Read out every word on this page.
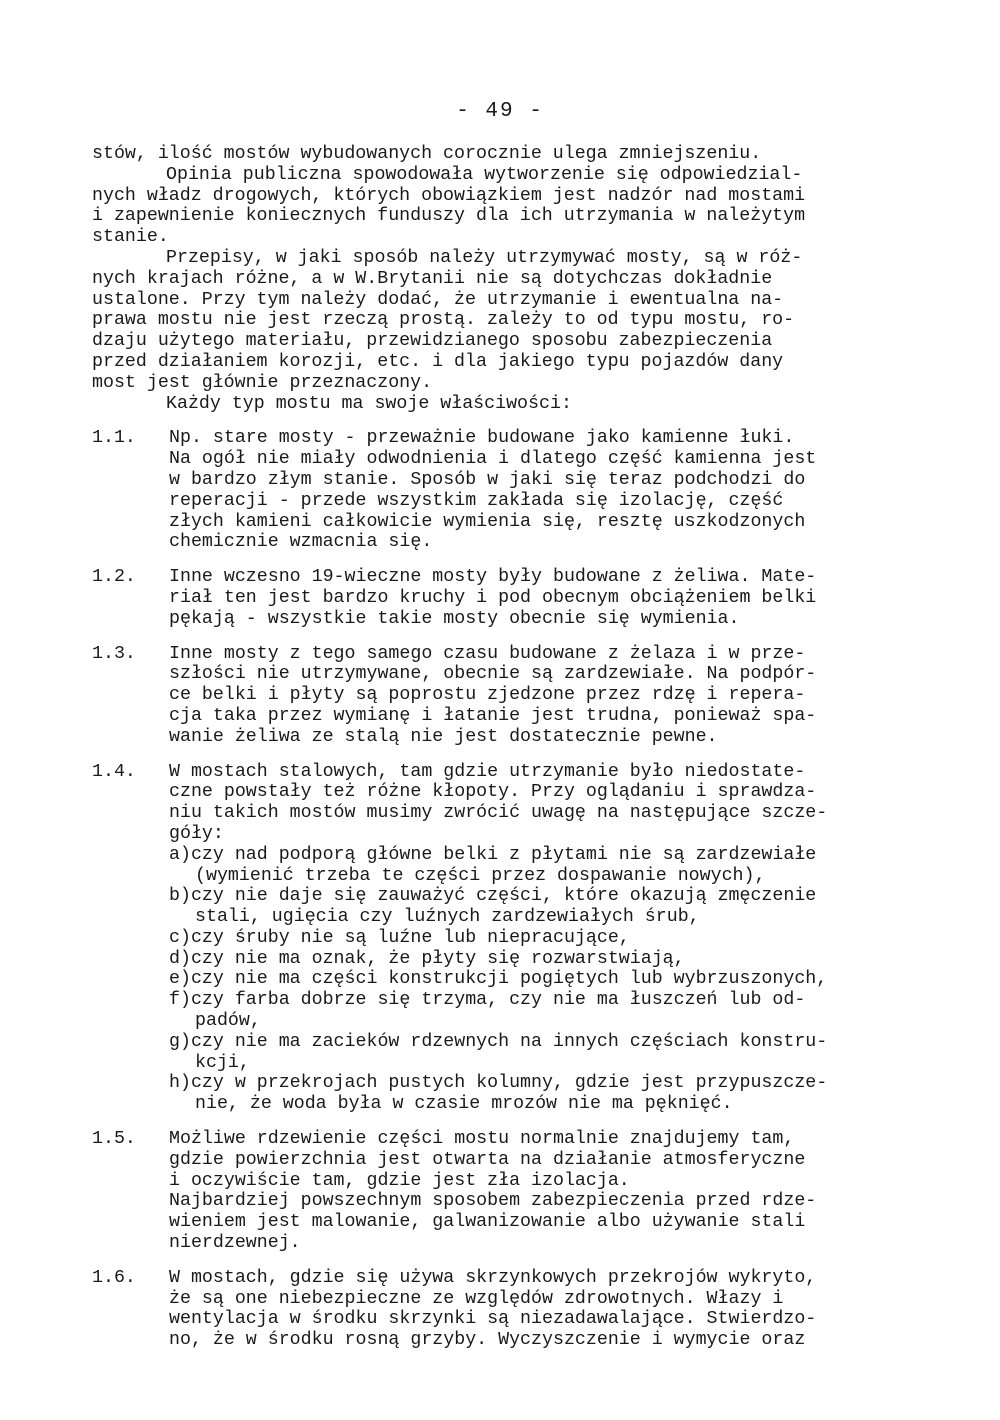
- 49 -
stów, ilość mostów wybudowanych corocznie ulega zmniejszeniu.
Opinia publiczna spowodowała wytworzenie się odpowiedzial-
nych władz drogowych, których obowiązkiem jest nadzór nad mostami
i zapewnienie koniecznych funduszy dla ich utrzymania w należytym
stanie.
Przepisy, w jaki sposób należy utrzymywać mosty, są w róż-
nych krajach różne, a w W.Brytanii nie są dotychczas dokładnie
ustalone. Przy tym należy dodać, że utrzymanie i ewentualna na-
prawa mostu nie jest rzeczą prostą. zależy to od typu mostu, ro-
dzaju użytego materiału, przewidzianego sposobu zabezpieczenia
przed działaniem korozji, etc. i dla jakiego typu pojazdów dany
most jest głównie przeznaczony.
Każdy typ mostu ma swoje właściwości:
1.1.	Np. stare mosty - przeważnie budowane jako kamienne łuki.
Na ogół nie miały odwodnienia i dlatego część kamienna jest
w bardzo złym stanie. Sposób w jaki się teraz podchodzi do
reperacji - przede wszystkim zakłada się izolację, część
złych kamieni całkowicie wymienia się, resztę uszkodzonych
chemicznie wzmacnia się.
1.2.	Inne wczesno 19-wieczne mosty były budowane z żeliwa. Mate-
riał ten jest bardzo kruchy i pod obecnym obciążeniem belki
pękają - wszystkie takie mosty obecnie się wymienia.
1.3.	Inne mosty z tego samego czasu budowane z żelaza i w prze-
szłości nie utrzymywane, obecnie są zardzewiałe. Na podpór-
ce belki i płyty są poprostu zjedzone przez rdzę i repera-
cja taka przez wymianę i łatanie jest trudna, ponieważ spa-
wanie żeliwa ze stalą nie jest dostatecznie pewne.
1.4.	W mostach stalowych, tam gdzie utrzymanie było niedostate-
czne powstały też różne kłopoty. Przy oglądaniu i sprawdza-
niu takich mostów musimy zwrócić uwagę na następujące szcze-
góły:
a)czy nad podporą główne belki z płytami nie są zardzewiałe
(wymienić trzeba te części przez dospawanie nowych),
b)czy nie daje się zauważyć części, które okazują zmęczenie
stali, ugięcia czy luźnych zardzewiałych śrub,
c)czy śruby nie są luźne lub niepracujące,
d)czy nie ma oznak, że płyty się rozwarstwiają,
e)czy nie ma części konstrukcji pogiętych lub wybrzuszonych,
f)czy farba dobrze się trzyma, czy nie ma łuszczeń lub od-
padów,
g)czy nie ma zacieków rdzewnych na innych częściach konstru-
kcji,
h)czy w przekrojach pustych kolumny, gdzie jest przypuszcze-
nie, że woda była w czasie mrozów nie ma pęknięć.
1.5.	Możliwe rdzewienie części mostu normalnie znajdujemy tam,
gdzie powierzchnia jest otwarta na działanie atmosferyczne
i oczywiście tam, gdzie jest zła izolacja.
Najbardziej powszechnym sposobem zabezpieczenia przed rdze-
wieniem jest malowanie, galwanizowanie albo używanie stali
nierdzewnej.
1.6.	W mostach, gdzie się używa skrzynkowych przekrojów wykryto,
że są one niebezpieczne ze względów zdrowotnych. Włazy i
wentylacja w środku skrzynki są niezadawalające. Stwierdzo-
no, że w środku rosną grzyby. Wyczyszczenie i wymycie oraz
